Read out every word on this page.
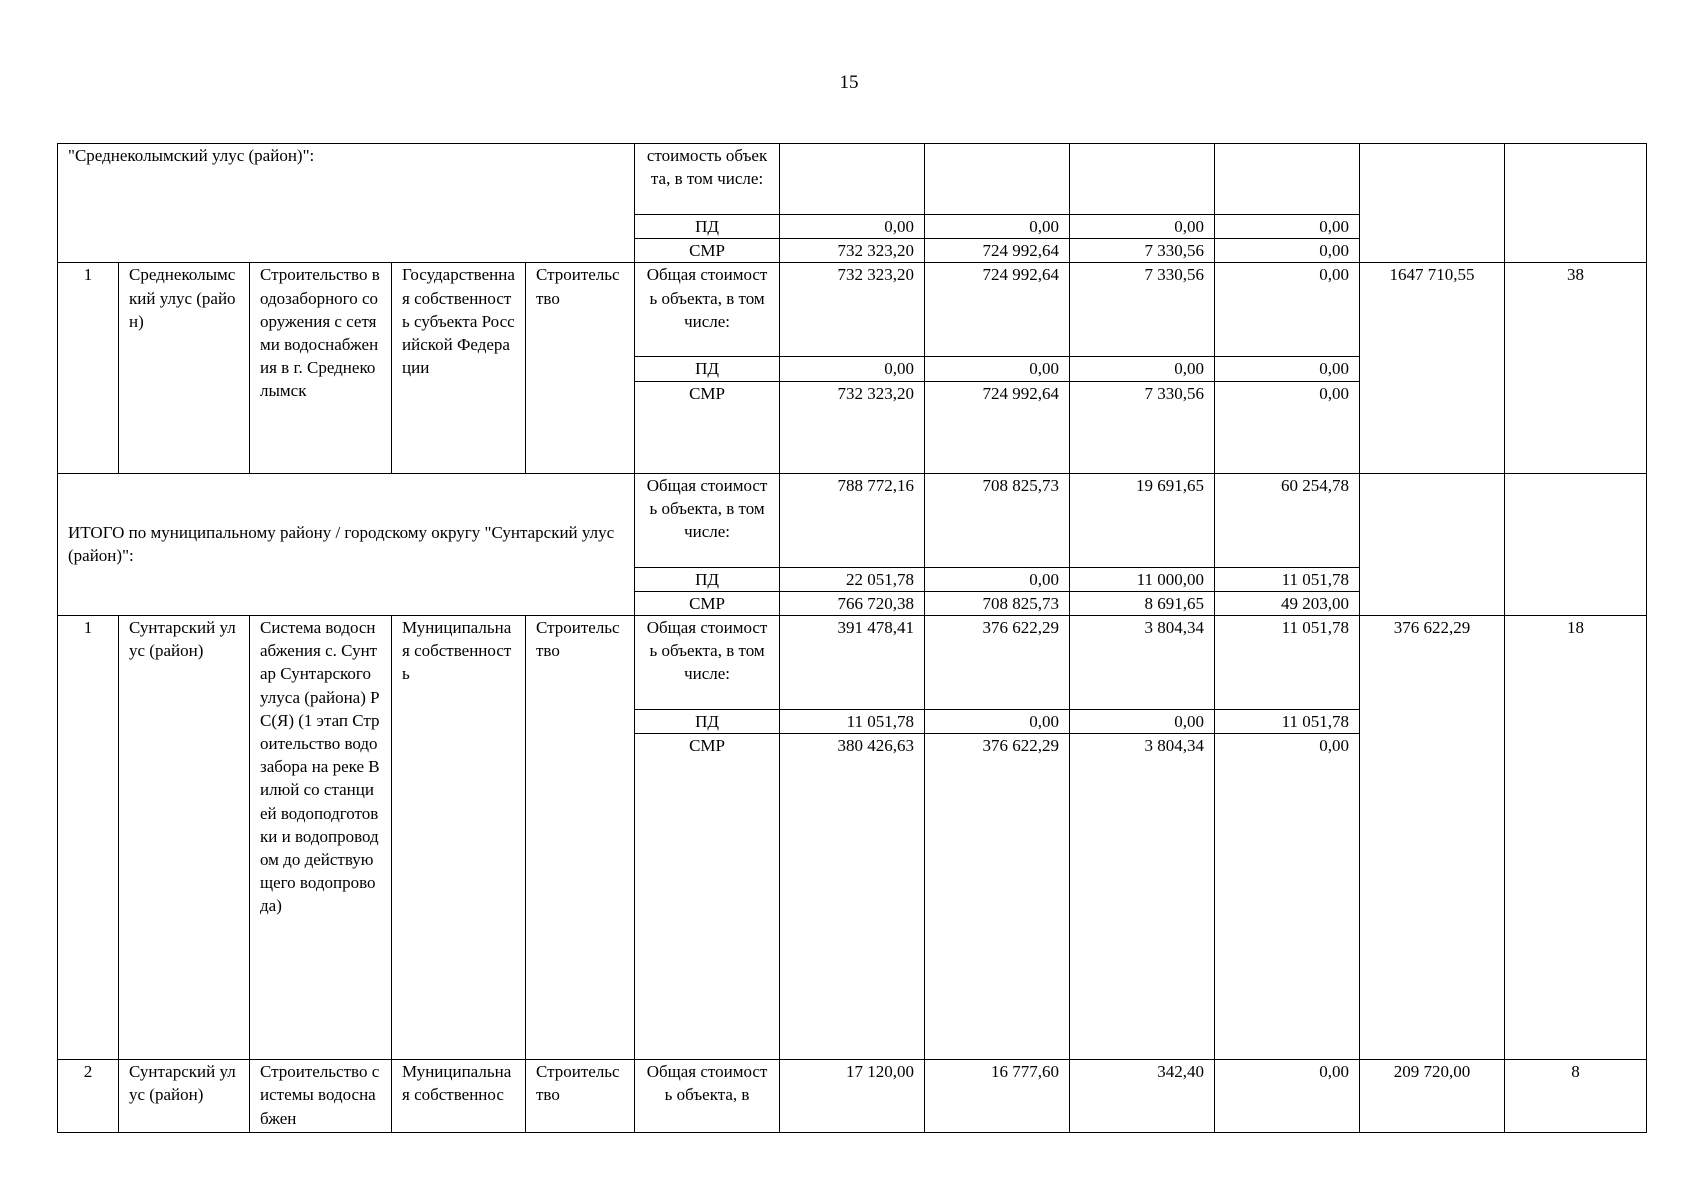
15
"Среднеколымский улус (район)":					стоимость объекта, в том числе:						
					ПД	0,00	0,00	0,00	0,00		
					СМР	732 323,20	724 992,64	7 330,56	0,00		
1	Среднеколымский улус (район)	Строительство водозаборного сооружения с сетями водоснабжения в г. Среднеколымск	Государственная собственность субъекта Российской Федерации	Строительство	Общая стоимость объекта, в том числе:	732 323,20	724 992,64	7 330,56	0,00	1647 710,55	38
					ПД	0,00	0,00	0,00	0,00		
					СМР	732 323,20	724 992,64	7 330,56	0,00		
ИТОГО по муниципальному району / городскому округу "Сунтарский улус (район)":					Общая стоимость объекта, в том числе:	788 772,16	708 825,73	19 691,65	60 254,78		
					ПД	22 051,78	0,00	11 000,00	11 051,78		
					СМР	766 720,38	708 825,73	8 691,65	49 203,00		
1	Сунтарский улус (район)	Система водоснабжения с. Сунтар Сунтарского улуса (района) РС(Я) (1 этап Строительство водозабора на реке Вилюй со станцией водоподготовки и водопроводом до действующего водопровода)	Муниципальная собственность	Строительство	Общая стоимость объекта, в том числе:	391 478,41	376 622,29	3 804,34	11 051,78	376 622,29	18
					ПД	11 051,78	0,00	0,00	11 051,78		
					СМР	380 426,63	376 622,29	3 804,34	0,00		
2	Сунтарский улус (район)	Строительство системы водоснабжен	Муниципальная собственнос	Строительство	Общая стоимость объекта, в	17 120,00	16 777,60	342,40	0,00	209 720,00	8
